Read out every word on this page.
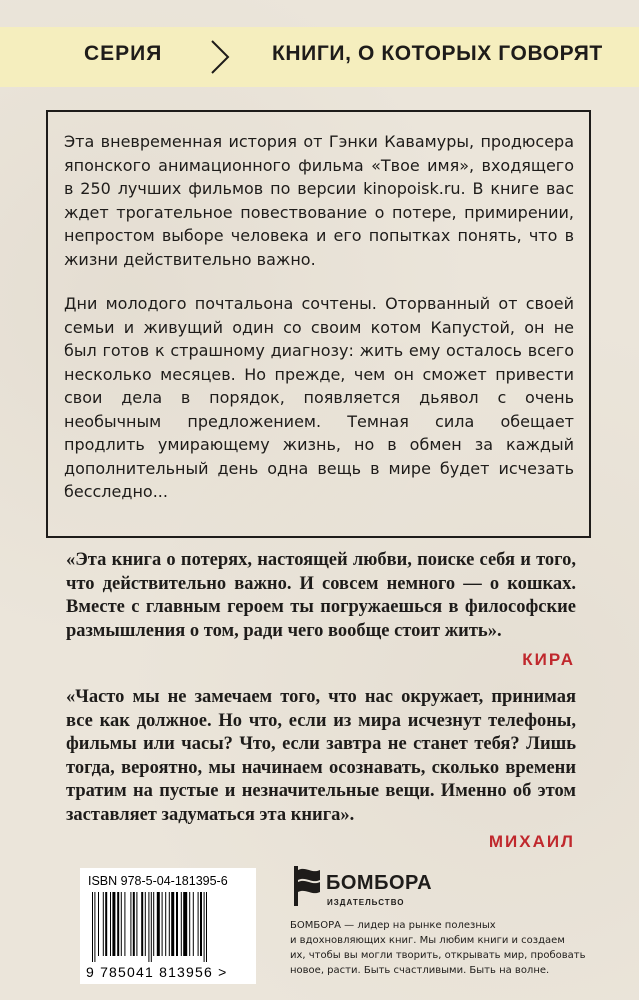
СЕРИЯ	КНИГИ, О КОТОРЫХ ГОВОРЯТ

Эта вневременная история от Гэнки Кавамуры, продюсера японского анимационного фильма «Твое имя», входящего в 250 лучших фильмов по версии kinopoisk.ru. В книге вас ждет трогательное повествование о потере, примирении, непростом выборе человека и его попытках понять, что в жизни действительно важно.

Дни молодого почтальона сочтены. Оторванный от своей семьи и живущий один со своим котом Капустой, он не был готов к страшному диагнозу: жить ему осталось всего несколько месяцев. Но прежде, чем он сможет привести свои дела в порядок, появляется дьявол с очень необычным предложением. Темная сила обещает продлить умирающему жизнь, но в обмен за каждый дополнительный день одна вещь в мире будет исчезать бесследно...

«Эта книга о потерях, настоящей любви, поиске себя и того, что действительно важно. И совсем немного — о кошках. Вместе с главным героем ты погружаешься в философские размышления о том, ради чего вообще стоит жить».

КИРА

«Часто мы не замечаем того, что нас окружает, принимая все как должное. Но что, если из мира исчезнут телефоны, фильмы или часы? Что, если завтра не станет тебя? Лишь тогда, вероятно, мы начинаем осознавать, сколько времени тратим на пустые и незначительные вещи. Именно об этом заставляет задуматься эта книга».

МИХАИЛ
ISBN 978-5-04-181395-6
9 785041 813956 >
БОМБОРА
ИЗДАТЕЛЬСТВО
БОМБОРА — лидер на рынке полезных
и вдохновляющих книг. Мы любим книги и создаем
их, чтобы вы могли творить, открывать мир, пробовать
новое, расти. Быть счастливыми. Быть на волне.
